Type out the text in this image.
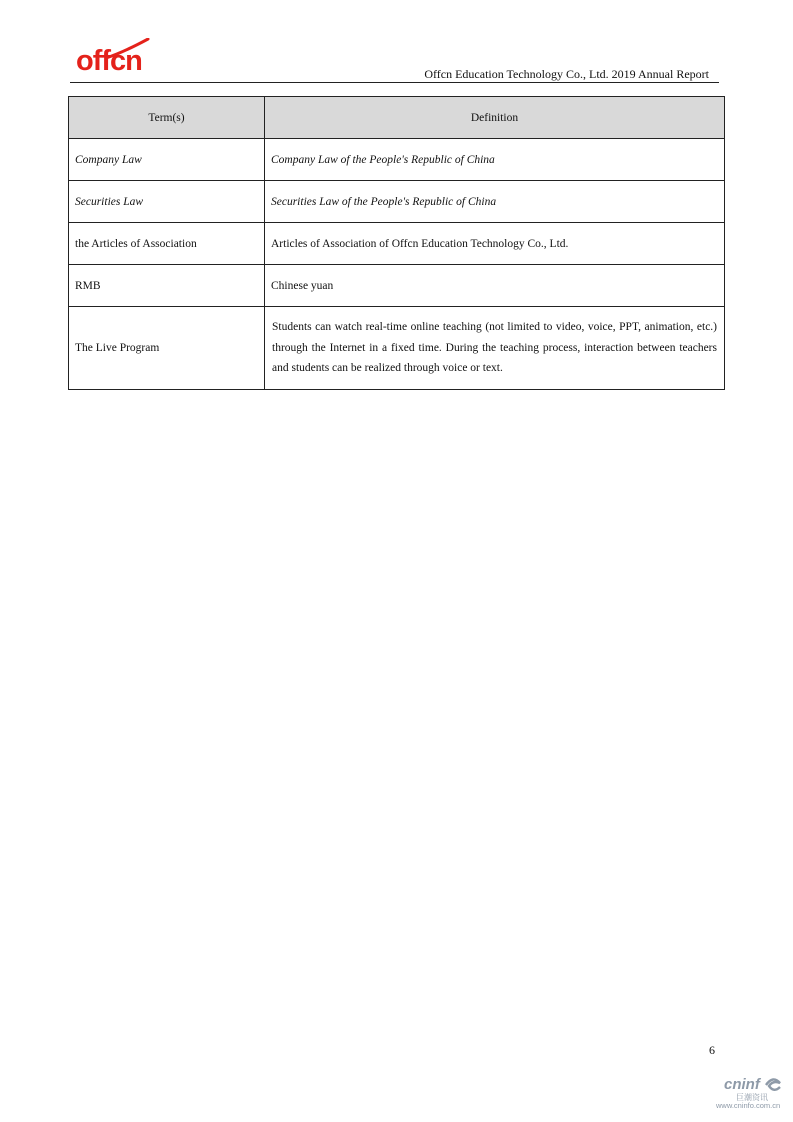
offcn	Offcn Education Technology Co., Ltd. 2019 Annual Report
Term(s)	Definition
Company Law	Company Law of the People's Republic of China
Securities Law	Securities Law of the People's Republic of China
the Articles of Association	Articles of Association of Offcn Education Technology Co., Ltd.
RMB	Chinese yuan
The Live Program	Students can watch real-time online teaching (not limited to video, voice, PPT, animation, etc.) through the Internet in a fixed time. During the teaching process, interaction between teachers and students can be realized through voice or text.
6
cninf
巨潮资讯
www.cninfo.com.cn
